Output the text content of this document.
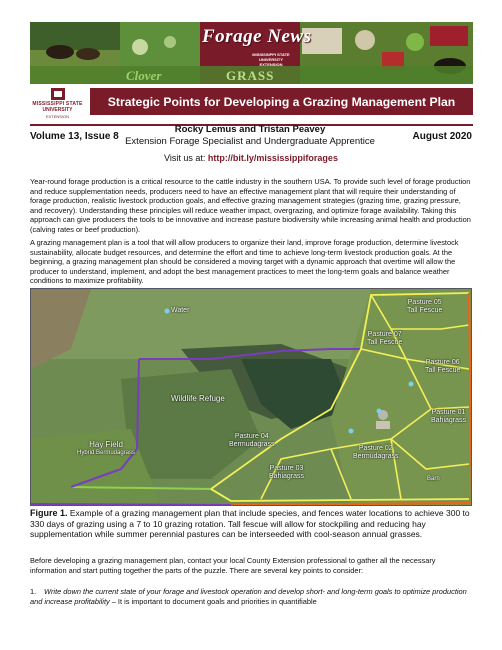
Forage News
MISSISSIPPI STATE UNIVERSITY EXTENSION
Clover	GRASS
MISSISSIPPI STATE
UNIVERSITY
EXTENSION
Strategic Points for Developing a Grazing Management Plan
Volume 13, Issue 8
Rocky Lemus and Tristan Peavey
Extension Forage Specialist and Undergraduate Apprentice	August 2020
Visit us at: http://bit.ly/mississippiforages

Year-round forage production is a critical resource to the cattle industry in the southern USA. To provide such level of forage production and reduce supplementation needs, producers need to have an effective management plant that will require their understanding of forage production, realistic livestock production goals, and effective grazing management strategies (grazing time, grazing pressure, and recovery). Understanding these principles will reduce weather impact, overgrazing, and optimize forage availability. Taking this approach can give producers the tools to be innovative and increase pasture biodiversity while increasing animal health and production (calving rates or beef production).

A grazing management plan is a tool that will allow producers to organize their land, improve forage production, determine livestock sustainability, allocate budget resources, and determine the effort and time to achieve long-term livestock production goals. At the beginning, a grazing management plan should be considered a moving target with a dynamic approach that overtime will allow the producer to understand, implement, and adopt the best management practices to meet the long-term goals and balance weather conditions to maximize profitability.

Water
Wildlife Refuge
Hay Field
Hybrid Bermudagrass
Pasture 05
Tall Fescue
Pasture 07
Tall Fescue
Pasture 06
Tall Fescue
Pasture 01
Bahiagrass
Pasture 02
Bermudagrass
Pasture 04
Bermudagrass
Pasture 03
Bahiagrass	Barn

Figure 1. Example of a grazing management plan that include species, and fences water locations to achieve 300 to 330 days of grazing using a 7 to 10 grazing rotation. Tall fescue will allow for stockpiling and reducing hay supplementation while summer perennial pastures can be interseeded with cool-season annual grasses.

Before developing a grazing management plan, contact your local County Extension professional to gather all the necessary information and start putting together the parts of the puzzle. There are several key points to consider:

1. Write down the current state of your forage and livestock operation and develop short- and long-term goals to optimize production and increase profitability – It is important to document goals and priorities in quantifiable
